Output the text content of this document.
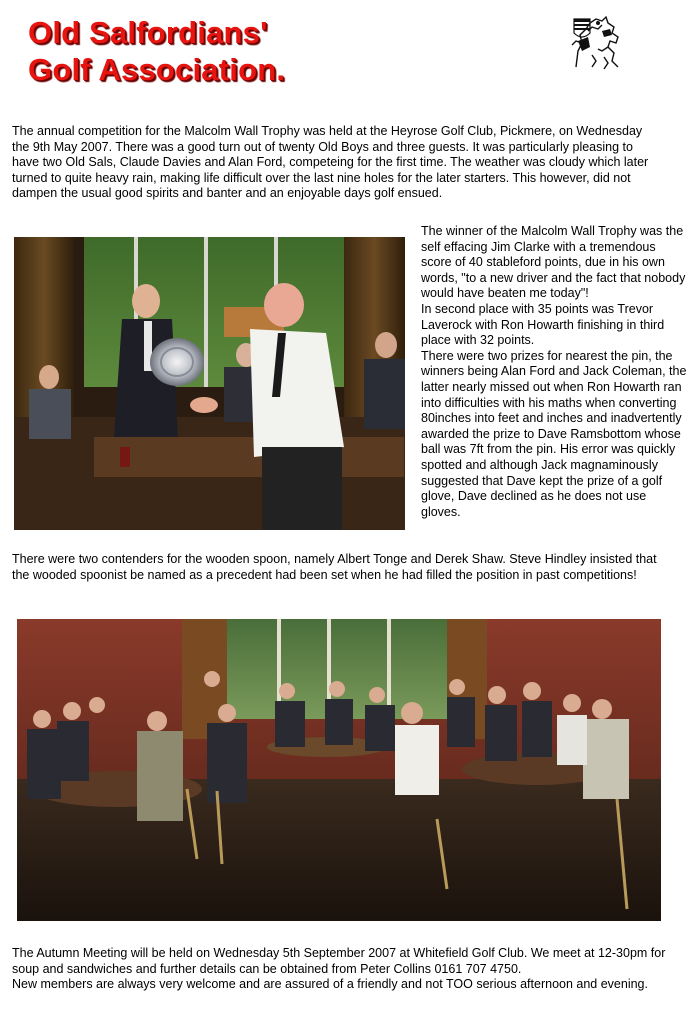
Old Salfordians'
Golf Association.
The annual competition for the Malcolm Wall Trophy was held at the Heyrose Golf Club, Pickmere, on Wednesday the 9th May 2007. There was a good turn out of twenty Old Boys and three guests. It was particularly pleasing to have two Old Sals, Claude Davies and Alan Ford, competeing for the first time. The weather was cloudy which later turned to quite heavy rain, making life difficult over the last nine holes for the later starters. This however, did not dampen the usual good spirits and banter and an enjoyable days golf ensued.

The winner of the Malcolm Wall Trophy was the self effacing Jim Clarke with a tremendous score of 40 stableford points, due in his own words, "to a new driver and the fact that nobody would have beaten me today"!

In second place with 35 points was Trevor Laverock with Ron Howarth finishing in third place with 32 points.

There were two prizes for nearest the pin, the

winners being Alan Ford and Jack Coleman, the latter nearly missed out when Ron Howarth ran into difficulties with his maths when converting 80inches into feet and inches and inadvertently awarded the prize to Dave Ramsbottom whose ball was 7ft from the pin. His error was quickly spotted and although Jack magnaminously suggested that Dave kept the prize of a golf glove, Dave declined as he does not use gloves.

There were two contenders for the wooden spoon, namely Albert Tonge and Derek Shaw. Steve Hindley insisted that the wooded spoonist be named as a precedent had been set when he had filled the position in past competitions!
The Autumn Meeting will be held on Wednesday 5th September 2007 at Whitefield Golf Club. We meet at 12-30pm for soup and sandwiches and further details can be obtained from Peter Collins 0161 707 4750.
New members are always very welcome and are assured of a friendly and not TOO serious afternoon and evening.
